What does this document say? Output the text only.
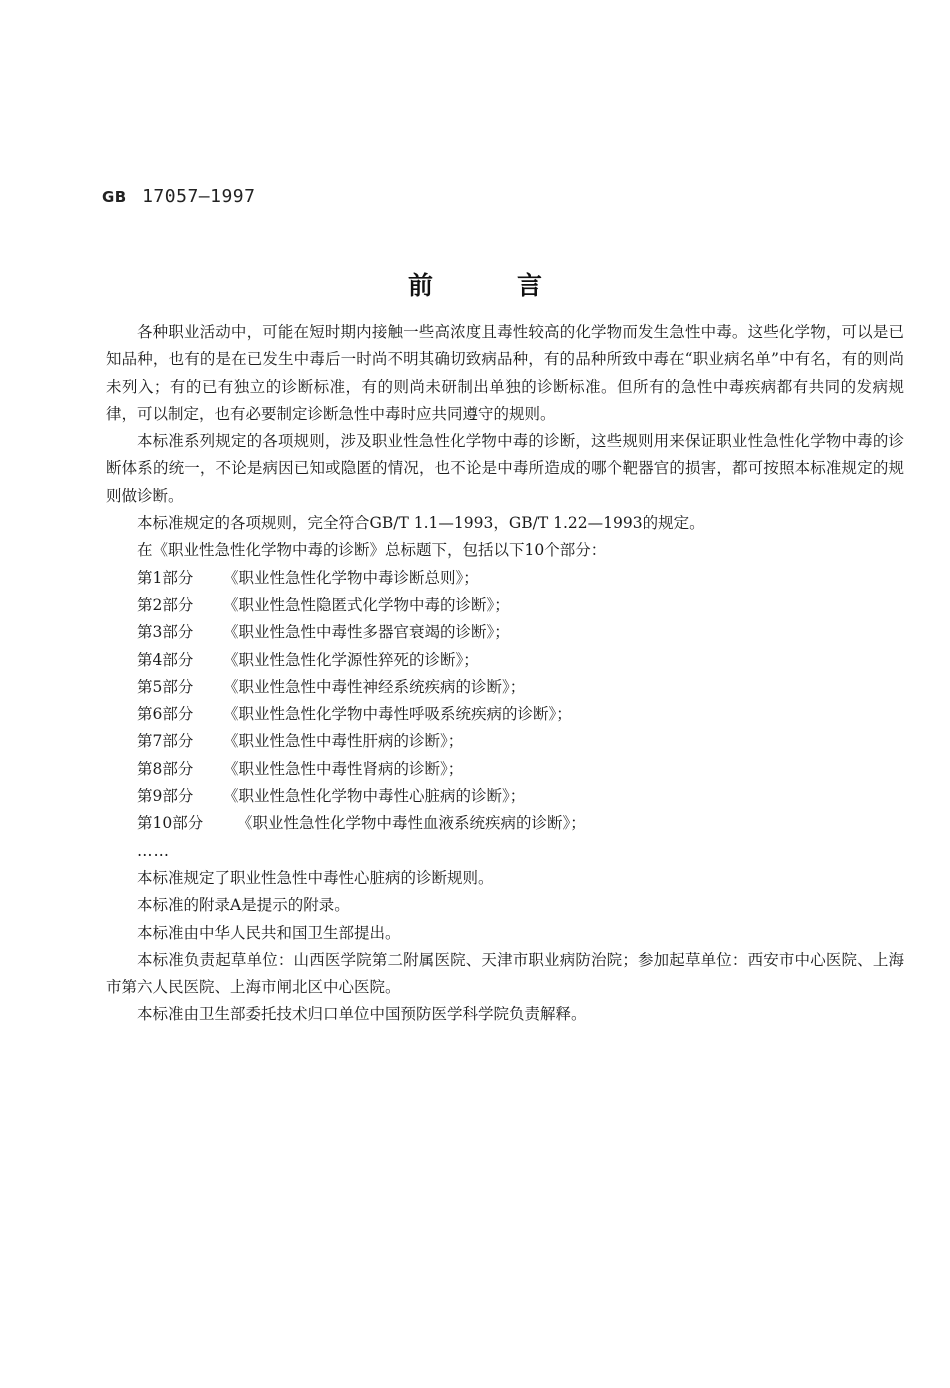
GB 17057—1997
前言

各种职业活动中，可能在短时期内接触一些高浓度且毒性较高的化学物而发生急性中毒。这些化学物，可以是已知品种，也有的是在已发生中毒后一时尚不明其确切致病品种，有的品种所致中毒在“职业病名单”中有名，有的则尚未列入；有的已有独立的诊断标准，有的则尚未研制出单独的诊断标准。但所有的急性中毒疾病都有共同的发病规律，可以制定，也有必要制定诊断急性中毒时应共同遵守的规则。

本标准系列规定的各项规则，涉及职业性急性化学物中毒的诊断，这些规则用来保证职业性急性化学物中毒的诊断体系的统一，不论是病因已知或隐匿的情况，也不论是中毒所造成的哪个靶器官的损害，都可按照本标准规定的规则做诊断。

本标准规定的各项规则，完全符合GB/T 1.1—1993，GB/T 1.22—1993的规定。
在《职业性急性化学物中毒的诊断》总标题下，包括以下10个部分：
第1部分 《职业性急性化学物中毒诊断总则》；
第2部分 《职业性急性隐匿式化学物中毒的诊断》；
第3部分 《职业性急性中毒性多器官衰竭的诊断》；
第4部分 《职业性急性化学源性猝死的诊断》；
第5部分 《职业性急性中毒性神经系统疾病的诊断》；
第6部分 《职业性急性化学物中毒性呼吸系统疾病的诊断》；
第7部分 《职业性急性中毒性肝病的诊断》；
第8部分 《职业性急性中毒性肾病的诊断》；
第9部分 《职业性急性化学物中毒性心脏病的诊断》；
第10部分 《职业性急性化学物中毒性血液系统疾病的诊断》；
……
本标准规定了职业性急性中毒性心脏病的诊断规则。
本标准的附录A是提示的附录。
本标准由中华人民共和国卫生部提出。

本标准负责起草单位：山西医学院第二附属医院、天津市职业病防治院；参加起草单位：西安市中心医院、上海市第六人民医院、上海市闸北区中心医院。

本标准由卫生部委托技术归口单位中国预防医学科学院负责解释。
